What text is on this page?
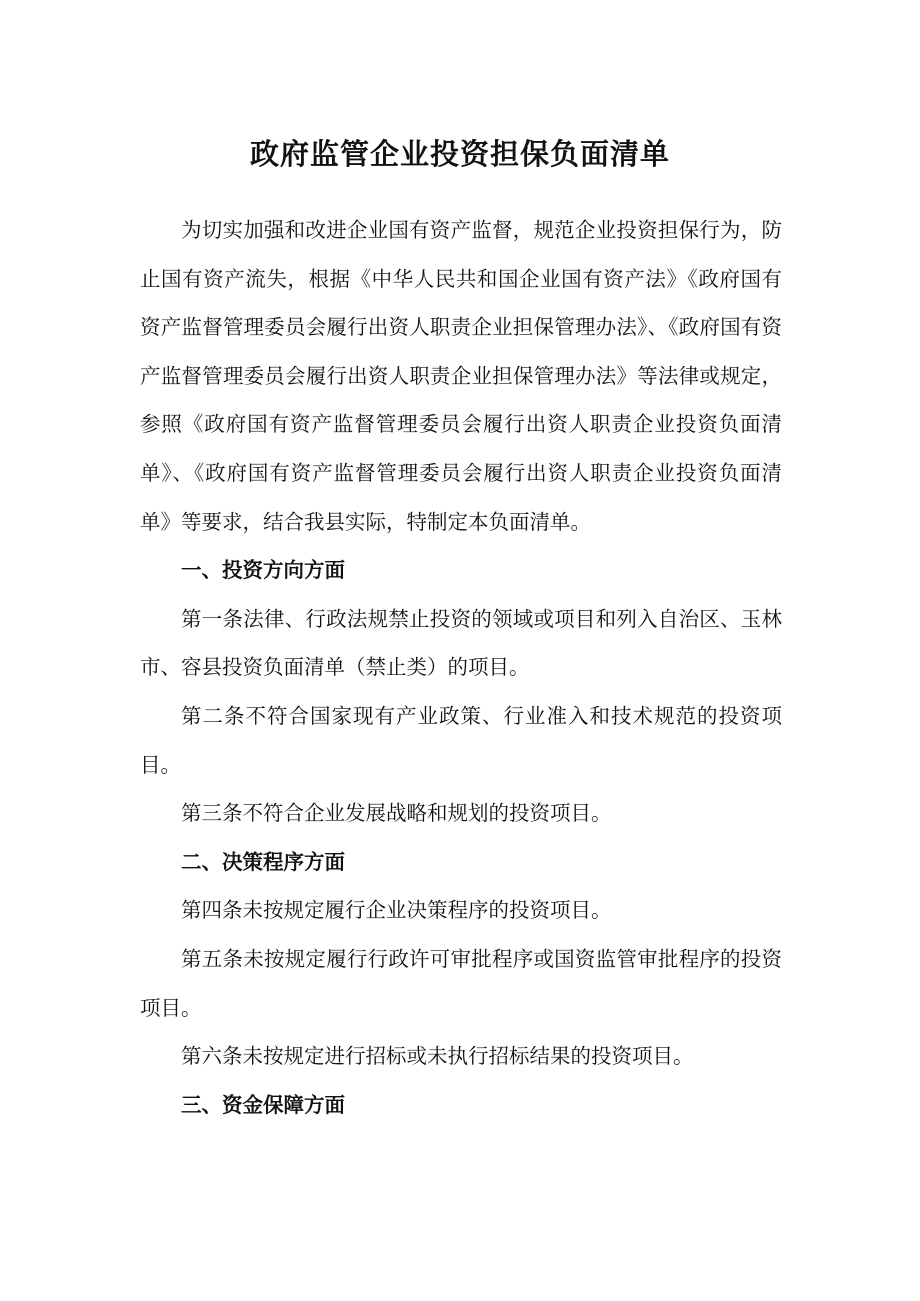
政府监管企业投资担保负面清单

为切实加强和改进企业国有资产监督，规范企业投资担保行为，防止国有资产流失，根据《中华人民共和国企业国有资产法》《政府国有资产监督管理委员会履行出资人职责企业担保管理办法》、《政府国有资产监督管理委员会履行出资人职责企业担保管理办法》等法律或规定，参照《政府国有资产监督管理委员会履行出资人职责企业投资负面清单》、《政府国有资产监督管理委员会履行出资人职责企业投资负面清单》等要求，结合我县实际，特制定本负面清单。

一、投资方向方面

第一条法律、行政法规禁止投资的领域或项目和列入自治区、玉林市、容县投资负面清单（禁止类）的项目。

第二条不符合国家现有产业政策、行业准入和技术规范的投资项目。

第三条不符合企业发展战略和规划的投资项目。

二、决策程序方面

第四条未按规定履行企业决策程序的投资项目。

第五条未按规定履行行政许可审批程序或国资监管审批程序的投资项目。

第六条未按规定进行招标或未执行招标结果的投资项目。

三、资金保障方面
